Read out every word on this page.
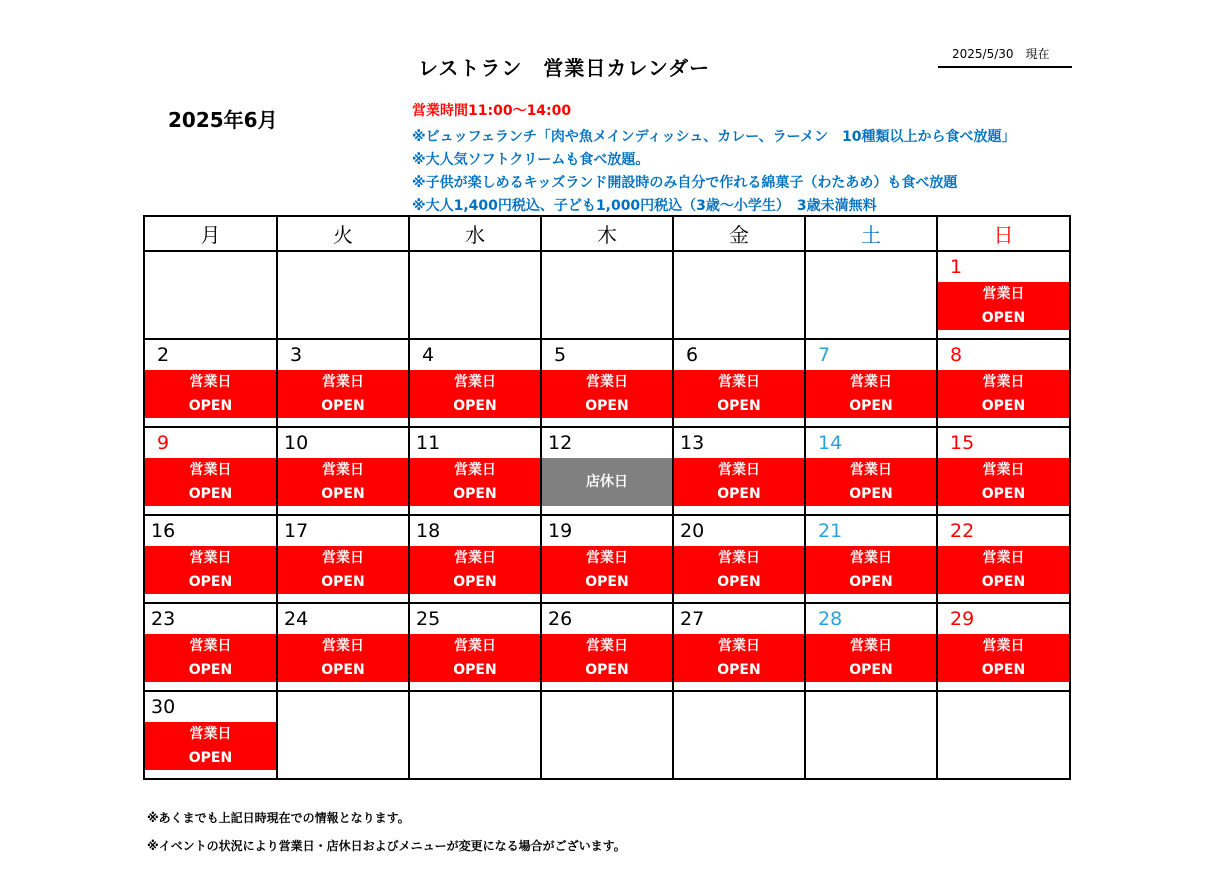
レストラン　営業日カレンダー
2025/5/30　現在
2025年6月	営業時間11:00～14:00
※ビュッフェランチ「肉や魚メインディッシュ、カレー、ラーメン　10種類以上から食べ放題」
※大人気ソフトクリームも食べ放題。
※子供が楽しめるキッズランド開設時のみ自分で作れる綿菓子（わたあめ）も食べ放題
※大人1,400円税込、子ども1,000円税込（3歳～小学生）　3歳未満無料
月	火	水	木	金	土	日

						1
営業日
OPEN

2
営業日
OPEN	3
営業日
OPEN	4
営業日
OPEN	5
営業日
OPEN	6
営業日
OPEN	7
営業日
OPEN	8
営業日
OPEN

9
営業日
OPEN	10
営業日
OPEN	11
営業日
OPEN	12
店休日	13
営業日
OPEN	14
営業日
OPEN	15
営業日
OPEN

16
営業日
OPEN	17
営業日
OPEN	18
営業日
OPEN	19
営業日
OPEN	20
営業日
OPEN	21
営業日
OPEN	22
営業日
OPEN

23
営業日
OPEN	24
営業日
OPEN	25
営業日
OPEN	26
営業日
OPEN	27
営業日
OPEN	28
営業日
OPEN	29
営業日
OPEN

30
営業日
OPEN						

※あくまでも上記日時現在での情報となります。
※イベントの状況により営業日・店休日およびメニューが変更になる場合がございます。
